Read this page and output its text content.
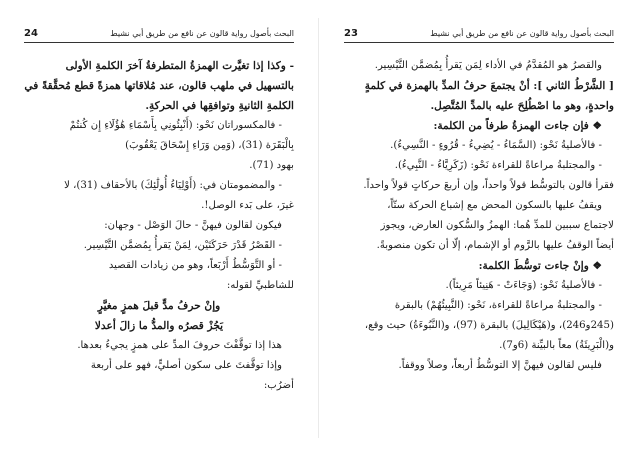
البحث بأصول رواية قالون عن نافع من طريق أبي نشيط
24

- وكذا إذا تغيَّرت الهمزةُ المتطرفةُ آخرَ الكلمةِ الأولى

بالتسهيل في ملهب قالون، عند مُلاقاتها همزةً قطع مُحقَّقةً في

الكلمةِ الثانيةِ وتوافقِها في الحركةِ.

- فالمكسوراتان نَحْو: (أَنْبِئُونِي بِأَسْمَاءِ هَٰؤُلَاءِ إِن كُنتُمْ

بِالْبَقَرَة (31)، (وَمِن وَرَاءِ إِسْحَاقَ يَعْقُوبَ)

بهود (71).

- والمضمومتان في: (أَوْلِيَاءُ أُولَٰئِكَ) بالأحقاف (31)، لا

غيرَ، على بَدء الوصل!.

فيكون لقالون فيهنَّ - حالَ الوَصْل - وجهان:

- القَصْرُ قَدْرَ حَرَكَتَيْن، لِمَنْ يَقرأُ بِمُضمَّن التَّيْسِير.

- أو التَّوَسُّطُ أَرْبَعاً، وهو من زيادات القصيد

للشاطبيِّ لقوله:

وإنْ حرفُ مدٍّ قبلَ همزٍ مغيَّرٍ

يَجُزْ قصرُه والمدُّ ما زالَ أعدلا

هذا إذا توقَّفْتَ حروفَ المدِّ على همزٍ يجيءُ بعدها.

وإذا توقَّفتَ على سكون أصليٍّ، فهو على أربعة

أضرُب:

البحث بأصول رواية قالون عن نافع من طريق أبي نشيط
23

والقصرُ هو المُقدَّمُ في الأداء لِمَن يَقرأُ بِمُضمَّن التَّيْسِير.

[ الشَّرْطُ الثاني ]: أنْ يجتمعَ حرفُ المدِّ بالهمزة في كلمةٍ

واحدةٍ، وهو ما اصْطُلِحَ عليه بالمدِّ المُتَّصِل.

❖ فإن جاءت الهمزةُ طرفاً من الكلمة:

- فالأصليةُ نَحْو: (السَّمَاءُ - يُضِيءُ - قُرُوءٍ - النَّسِيءُ).

- والمجتلبةُ مراعاةً للقراءة نَحْو: (زَكَرِيَّاءُ - النَّبِيءُ).

فقرأ قالون بالتوسُّط قولاً واحداً، وإن أربعَ حركاتٍ قولاً واحداً.

ويقفُ عليها بالسكون المحض مع إشباع الحركة ستّاً،

لاجتماع سببين للمدِّ هُما: الهمزُ والسُّكون العارض، ويجوز

أيضاً الوقفُ عليها بالرَّوم أو الإشمام، إلّا أن تكون منصوبةً.

❖ وإنْ جاءت توسُّطَ الكلمة:

- فالأصليةُ نَحْو: (وَجَاءَتْ - هَنِيئاً مَرِيئاً).

- والمجتلبةُ مراعاةً للقراءة، نَحْو: (النَّبِيئُهُمْ) بالبقرة

(245و246)، و(هَيْكَالِيلَ) بالبقرة (97)، و(النَّبُوءَةُ) حيث وقع،

و(الْبَرِيئَةُ) معاً بالبيِّنة (6و7).

فليس لقالون فيهنَّ إلا التوسُّطُ أربعاً، وصلاً ووقفاً.
